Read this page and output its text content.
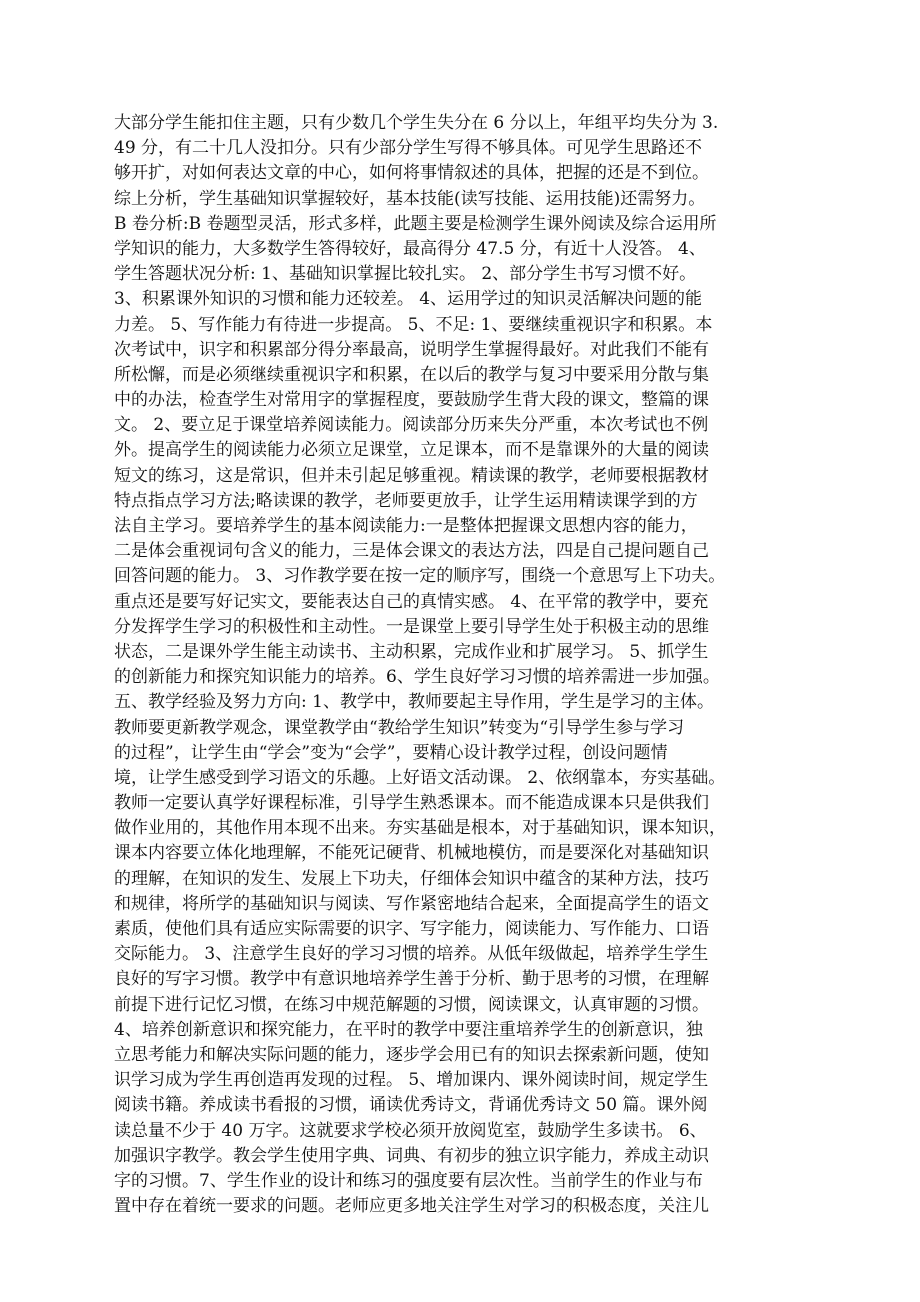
大部分学生能扣住主题，只有少数几个学生失分在 6 分以上，年组平均失分为 3.
49 分，有二十几人没扣分。只有少部分学生写得不够具体。可见学生思路还不
够开扩，对如何表达文章的中心，如何将事情叙述的具体，把握的还是不到位。
综上分析，学生基础知识掌握较好，基本技能(读写技能、运用技能)还需努力。
B 卷分析:B 卷题型灵活，形式多样，此题主要是检测学生课外阅读及综合运用所
学知识的能力，大多数学生答得较好，最高得分 47.5 分，有近十人没答。 4、
学生答题状况分析: 1、基础知识掌握比较扎实。 2、部分学生书写习惯不好。
3、积累课外知识的习惯和能力还较差。 4、运用学过的知识灵活解决问题的能
力差。 5、写作能力有待进一步提高。 5、不足: 1、要继续重视识字和积累。本
次考试中，识字和积累部分得分率最高，说明学生掌握得最好。对此我们不能有
所松懈，而是必须继续重视识字和积累，在以后的教学与复习中要采用分散与集
中的办法，检查学生对常用字的掌握程度，要鼓励学生背大段的课文，整篇的课
文。 2、要立足于课堂培养阅读能力。阅读部分历来失分严重，本次考试也不例
外。提高学生的阅读能力必须立足课堂，立足课本，而不是靠课外的大量的阅读
短文的练习，这是常识，但并未引起足够重视。精读课的教学，老师要根据教材
特点指点学习方法;略读课的教学，老师要更放手，让学生运用精读课学到的方
法自主学习。要培养学生的基本阅读能力:一是整体把握课文思想内容的能力，
二是体会重视词句含义的能力，三是体会课文的表达方法，四是自己提问题自己
回答问题的能力。 3、习作教学要在按一定的顺序写，围绕一个意思写上下功夫。
重点还是要写好记实文，要能表达自己的真情实感。 4、在平常的教学中，要充
分发挥学生学习的积极性和主动性。一是课堂上要引导学生处于积极主动的思维
状态，二是课外学生能主动读书、主动积累，完成作业和扩展学习。 5、抓学生
的创新能力和探究知识能力的培养。6、学生良好学习习惯的培养需进一步加强。
五、教学经验及努力方向: 1、教学中，教师要起主导作用，学生是学习的主体。
教师要更新教学观念，课堂教学由“教给学生知识”转变为“引导学生参与学习
的过程”，让学生由“学会”变为“会学”，要精心设计教学过程，创设问题情
境，让学生感受到学习语文的乐趣。上好语文活动课。 2、依纲靠本，夯实基础。
教师一定要认真学好课程标准，引导学生熟悉课本。而不能造成课本只是供我们
做作业用的，其他作用本现不出来。夯实基础是根本，对于基础知识，课本知识，
课本内容要立体化地理解，不能死记硬背、机械地模仿，而是要深化对基础知识
的理解，在知识的发生、发展上下功夫，仔细体会知识中蕴含的某种方法，技巧
和规律，将所学的基础知识与阅读、写作紧密地结合起来，全面提高学生的语文
素质，使他们具有适应实际需要的识字、写字能力，阅读能力、写作能力、口语
交际能力。 3、注意学生良好的学习习惯的培养。从低年级做起，培养学生学生
良好的写字习惯。教学中有意识地培养学生善于分析、勤于思考的习惯，在理解
前提下进行记忆习惯，在练习中规范解题的习惯，阅读课文，认真审题的习惯。
4、培养创新意识和探究能力，在平时的教学中要注重培养学生的创新意识，独
立思考能力和解决实际问题的能力，逐步学会用已有的知识去探索新问题，使知
识学习成为学生再创造再发现的过程。 5、增加课内、课外阅读时间，规定学生
阅读书籍。养成读书看报的习惯，诵读优秀诗文，背诵优秀诗文 50 篇。课外阅
读总量不少于 40 万字。这就要求学校必须开放阅览室，鼓励学生多读书。 6、
加强识字教学。教会学生使用字典、词典、有初步的独立识字能力，养成主动识
字的习惯。7、学生作业的设计和练习的强度要有层次性。当前学生的作业与布
置中存在着统一要求的问题。老师应更多地关注学生对学习的积极态度，关注儿
